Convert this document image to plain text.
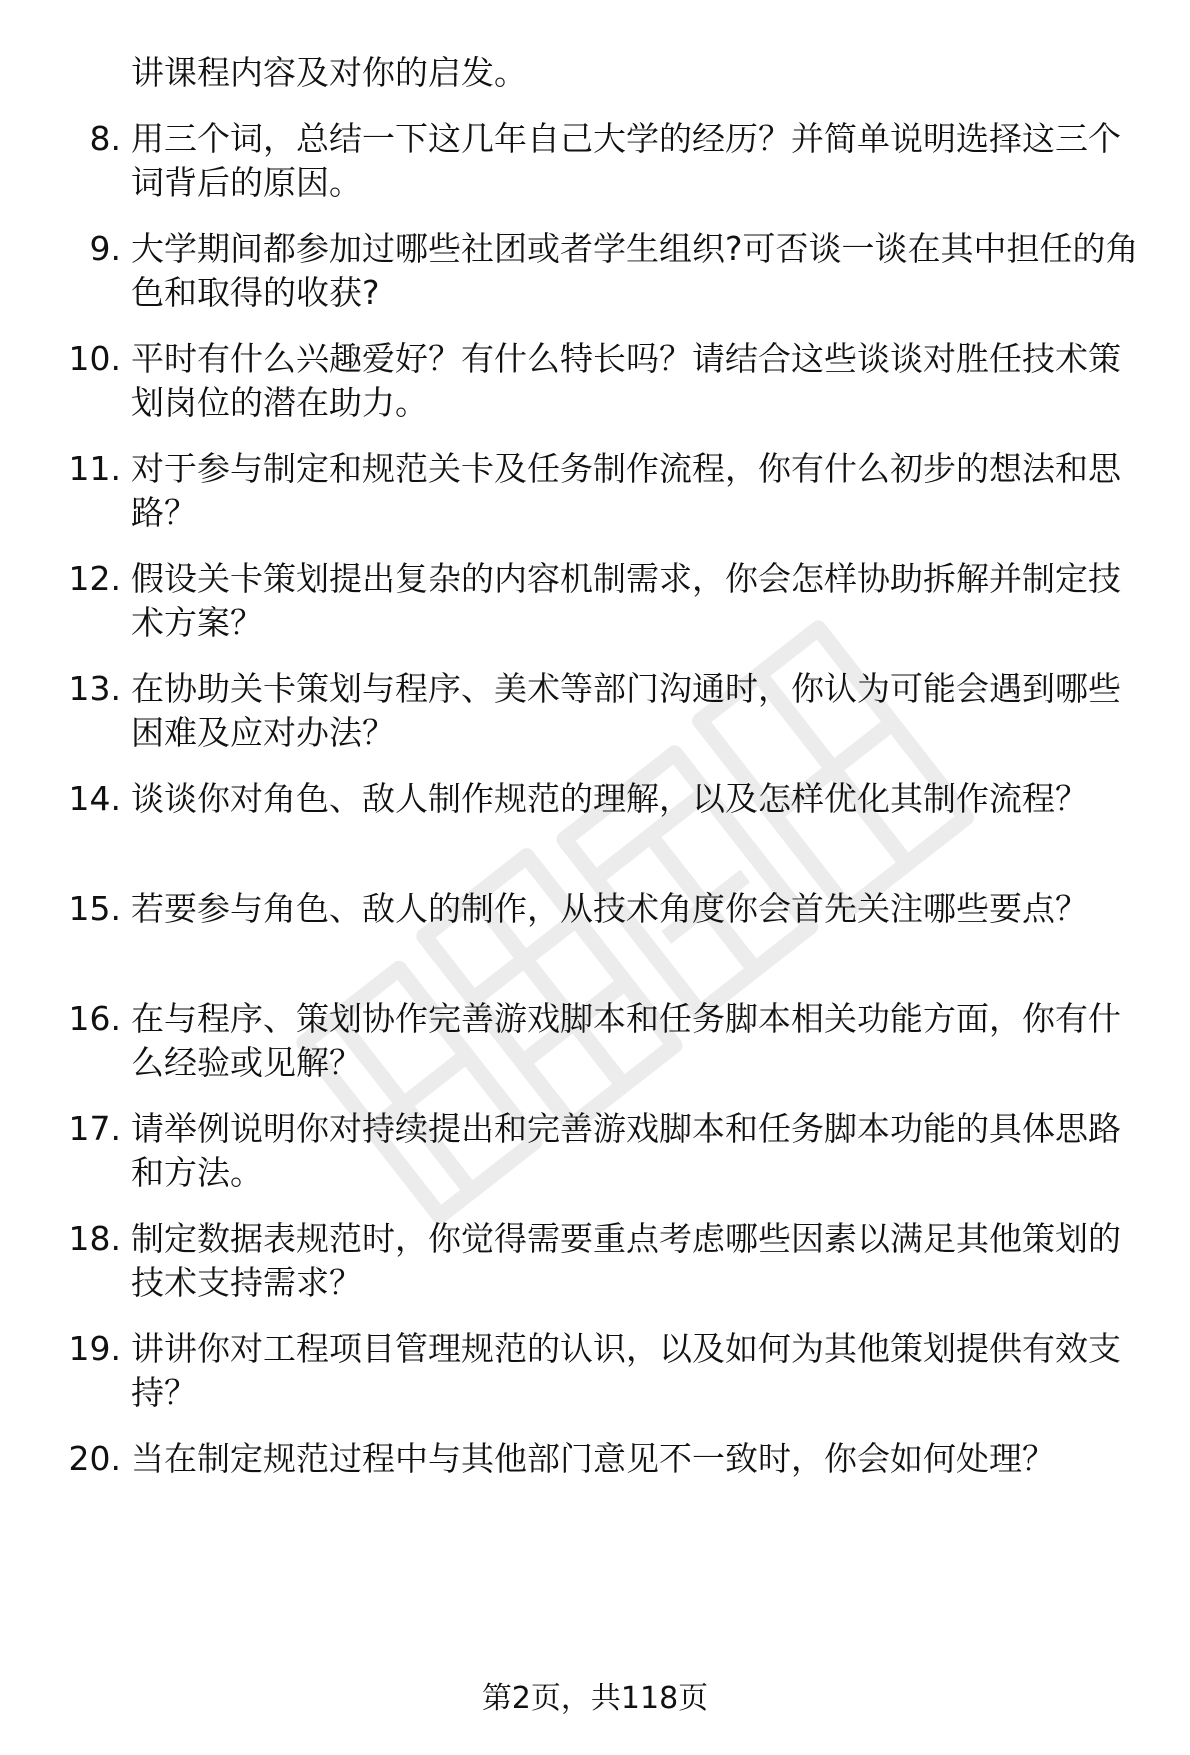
讲课程内容及对你的启发。
8. 用三个词，总结一下这几年自己大学的经历？并简单说明选择这三个词背后的原因。
9. 大学期间都参加过哪些社团或者学生组织?可否谈一谈在其中担任的角色和取得的收获?
10. 平时有什么兴趣爱好？有什么特长吗？请结合这些谈谈对胜任技术策划岗位的潜在助力。
11. 对于参与制定和规范关卡及任务制作流程，你有什么初步的想法和思路？
12. 假设关卡策划提出复杂的内容机制需求，你会怎样协助拆解并制定技术方案？
13. 在协助关卡策划与程序、美术等部门沟通时，你认为可能会遇到哪些困难及应对办法？
14. 谈谈你对角色、敌人制作规范的理解，以及怎样优化其制作流程？
15. 若要参与角色、敌人的制作，从技术角度你会首先关注哪些要点？
16. 在与程序、策划协作完善游戏脚本和任务脚本相关功能方面，你有什么经验或见解？
17. 请举例说明你对持续提出和完善游戏脚本和任务脚本功能的具体思路和方法。
18. 制定数据表规范时，你觉得需要重点考虑哪些因素以满足其他策划的技术支持需求？
19. 讲讲你对工程项目管理规范的认识，以及如何为其他策划提供有效支持？
20. 当在制定规范过程中与其他部门意见不一致时，你会如何处理？
第2页，共118页
